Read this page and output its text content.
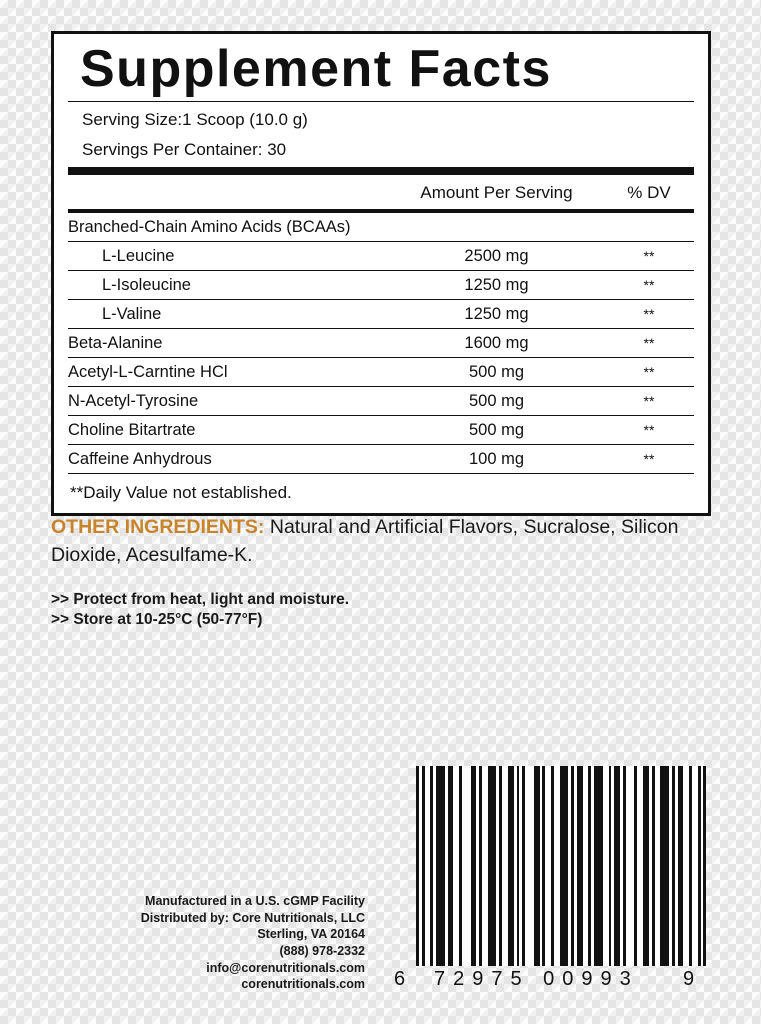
Supplement Facts
Serving Size:1 Scoop (10.0 g)
Servings Per Container: 30
Amount Per Serving	% DV
Branched-Chain Amino Acids (BCAAs)		
L-Leucine	2500 mg	**
L-Isoleucine	1250 mg	**
L-Valine	1250 mg	**
Beta-Alanine	1600 mg	**
Acetyl-L-Carntine HCl	500 mg	**
N-Acetyl-Tyrosine	500 mg	**
Choline Bitartrate	500 mg	**
Caffeine Anhydrous	100 mg	**
**Daily Value not established.
OTHER INGREDIENTS: Natural and Artificial Flavors, Sucralose, Silicon Dioxide, Acesulfame-K.
>> Protect from heat, light and moisture.
>> Store at 10-25°C (50-77°F)
6 72975 00993 9
Manufactured in a U.S. cGMP Facility
Distributed by: Core Nutritionals, LLC
Sterling, VA 20164
(888) 978-2332
info@corenutritionals.com
corenutritionals.com
